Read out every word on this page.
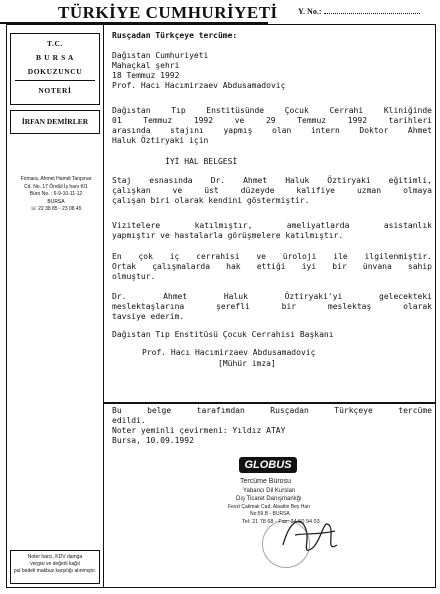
TÜRKİYE CUMHURİYETİ	Y. No.:
T.C.
B U R S A
DOKUZUNCU
NOTERİ
İRFAN DEMİRLER
Fomara, Ahmet Hamdi Tanpınar
Cd. No. 17 Öndül İş hanı K/1
Büro No. : 6-9-10-11-12
BURSA
☏ 22 38 85 - 23 08 45
Noter harcı, KDV damga
vergisi ve değerli kağıt
pul bedeli makbuz karşılığı alınmıştır.
Rusçadan Türkçeye tercüme:
Dağıstan Cumhuriyeti
Mahaçkal şehri
18 Temmuz 1992
Prof. Hacı Hacımirzaev Abdusamadoviç
Dağıstan Tıp Enstitüsünde Çocuk Cerrahi Kliniğinde
01 Temmuz 1992 ve 29 Temmuz 1992 tarihleri
arasında stajını yapmış olan intern Doktor Ahmet
Haluk Öztiryaki için
İYİ HAL BELGESİ
Staj esnasında Dr. Ahmet Haluk Öztiryaki eğitimli,
çalışkan ve üst düzeyde kalifiye uzman olmaya
çalışan biri olarak kendini göstermiştir.
Vizitelere katılmıştır, ameliyatlarda asistanlık
yapmıştır ve hastalarla görüşmelere katılmıştır.
En çok iç cerrahisi ve üroloji ile ilgilenmiştir.
Ortak çalışmalarda hak ettiği iyi bir ünvana sahip
olmuştur.
Dr. Ahmet Haluk Öztiryaki'yi gelecekteki
meslektaşlarına şerefli bir meslektaş olarak
tavsiye ederim.
Dağıstan Tıp Enstitüsü Çocuk Cerrahisi Başkanı
Prof. Hacı Hacımirzaev Abdusamadoviç
[Mühür imza]
Bu belge tarafımdan Rusçadan Türkçeye tercüme
edildi.
Noter yeminli çevirmeni: Yıldız ATAY
Bursa, 10.09.1992
GLOBUS
Tercüme Bürosu
Yabancı Dil Kursları
Dış Ticaret Danışmanlığı
Fevzi Çakmak Cad. Alaattin Bey Han
No:59 B - BURSA
Tel: 21 78 68 - Fax: 24 50 94 03
